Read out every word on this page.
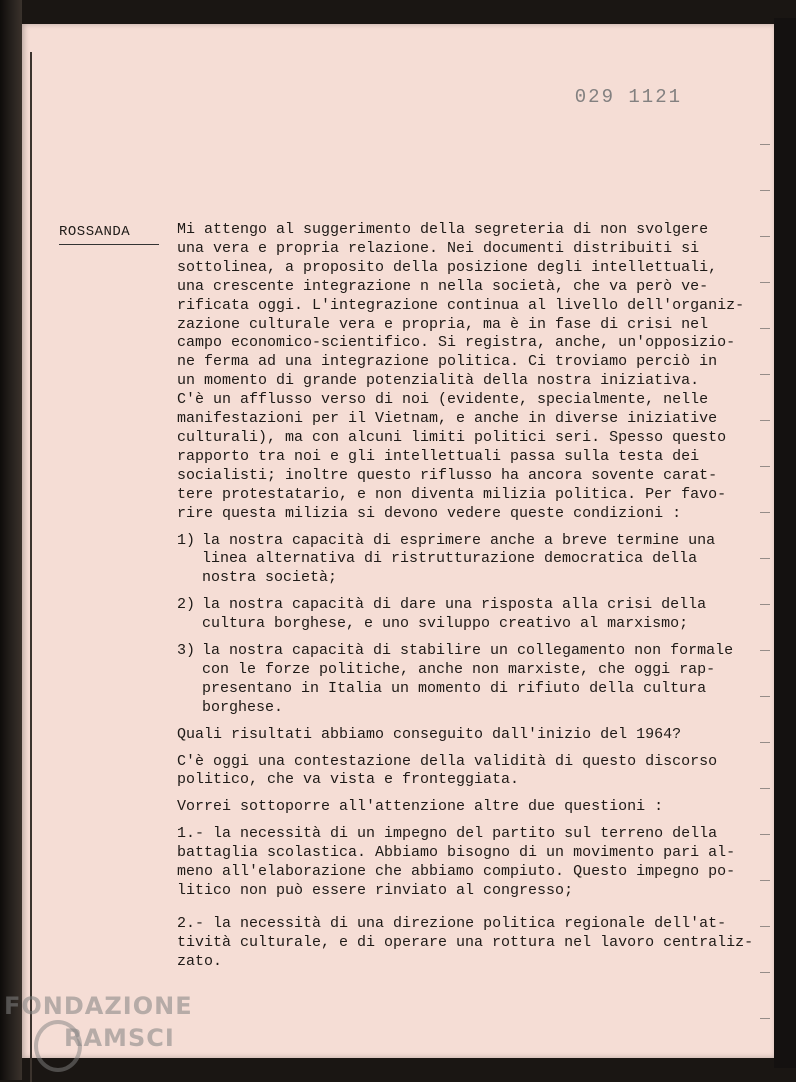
029 1121
ROSSANDA	Mi attengo al suggerimento della segreteria di non svolgere
una vera e propria relazione. Nei documenti distribuiti si
sottolinea, a proposito della posizione degli intellettuali,
una crescente integrazione n nella società, che va però ve-
rificata oggi. L'integrazione continua al livello dell'organiz-
zazione culturale vera e propria, ma è in fase di crisi nel
campo economico-scientifico. Si registra, anche, un'opposizio-
ne ferma ad una integrazione politica. Ci troviamo perciò in
un momento di grande potenzialità della nostra iniziativa.
C'è un afflusso verso di noi (evidente, specialmente, nelle
manifestazioni per il Vietnam, e anche in diverse iniziative
culturali), ma con alcuni limiti politici seri. Spesso questo
rapporto tra noi e gli intellettuali passa sulla testa dei
socialisti; inoltre questo riflusso ha ancora sovente carat-
tere protestatario, e non diventa milizia politica. Per favo-
rire questa milizia si devono vedere queste condizioni :
1) la nostra capacità di esprimere anche a breve termine una
linea alternativa di ristrutturazione democratica della
nostra società;
2) la nostra capacità di dare una risposta alla crisi della
cultura borghese, e uno sviluppo creativo al marxismo;
3) la nostra capacità di stabilire un collegamento non formale
con le forze politiche, anche non marxiste, che oggi rap-
presentano in Italia un momento di rifiuto della cultura
borghese.
Quali risultati abbiamo conseguito dall'inizio del 1964?
C'è oggi una contestazione della validità di questo discorso
politico, che va vista e fronteggiata.
Vorrei sottoporre all'attenzione altre due questioni :
1.- la necessità di un impegno del partito sul terreno della
battaglia scolastica. Abbiamo bisogno di un movimento pari al-
meno all'elaborazione che abbiamo compiuto. Questo impegno po-
litico non può essere rinviato al congresso;
2.- la necessità di una direzione politica regionale dell'at-
tività culturale, e di operare una rottura nel lavoro centraliz-
zato.
FONDAZIONE
RAMSCI
